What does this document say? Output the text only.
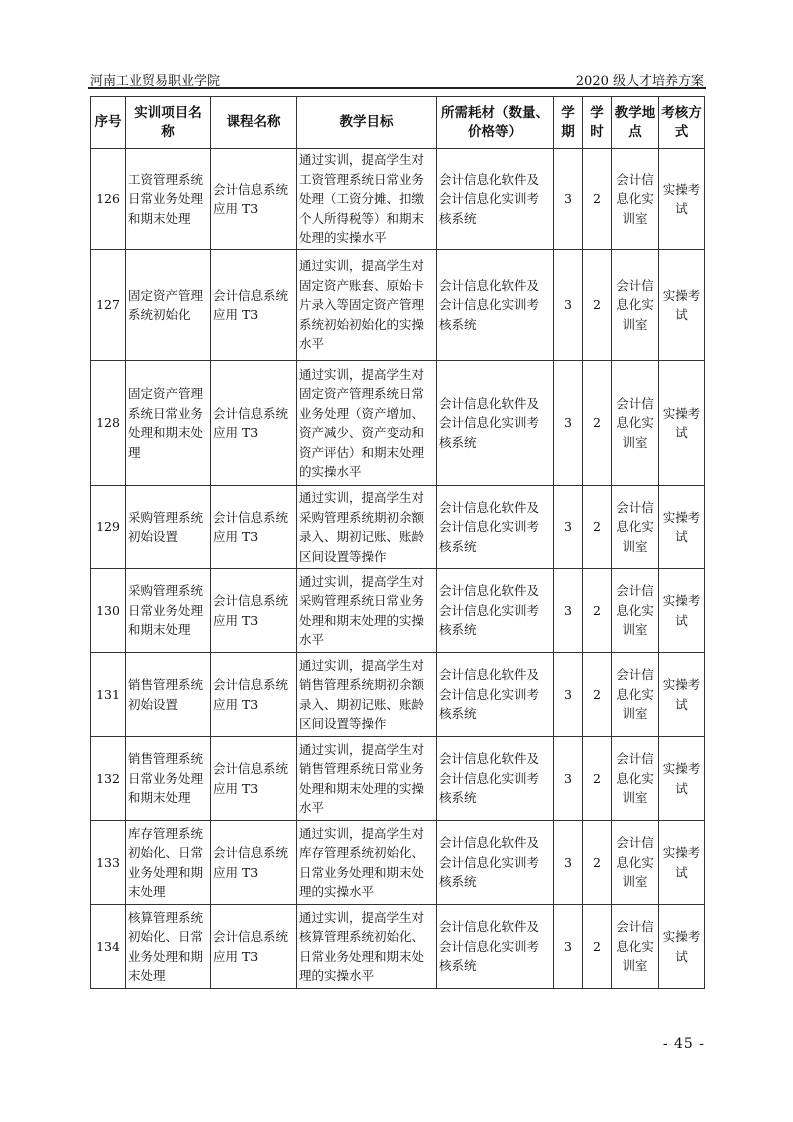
河南工业贸易职业学院	2020 级人才培养方案
序号	实训项目名称	课程名称	教学目标	所需耗材（数量、价格等）	学期	学时	教学地点	考核方式
126	工资管理系统日常业务处理和期末处理	会计信息系统应用 T3	通过实训，提高学生对工资管理系统日常业务处理（工资分摊、扣缴个人所得税等）和期末处理的实操水平	会计信息化软件及会计信息化实训考核系统	3	2	会计信息化实训室	实操考试
127	固定资产管理系统初始化	会计信息系统应用 T3	通过实训，提高学生对固定资产账套、原始卡片录入等固定资产管理系统初始初始化的实操水平	会计信息化软件及会计信息化实训考核系统	3	2	会计信息化实训室	实操考试
128	固定资产管理系统日常业务处理和期末处理	会计信息系统应用 T3	通过实训，提高学生对固定资产管理系统日常业务处理（资产增加、资产减少、资产变动和资产评估）和期末处理的实操水平	会计信息化软件及会计信息化实训考核系统	3	2	会计信息化实训室	实操考试
129	采购管理系统初始设置	会计信息系统应用 T3	通过实训，提高学生对采购管理系统期初余额录入、期初记账、账龄区间设置等操作	会计信息化软件及会计信息化实训考核系统	3	2	会计信息化实训室	实操考试
130	采购管理系统日常业务处理和期末处理	会计信息系统应用 T3	通过实训，提高学生对采购管理系统日常业务处理和期末处理的实操水平	会计信息化软件及会计信息化实训考核系统	3	2	会计信息化实训室	实操考试
131	销售管理系统初始设置	会计信息系统应用 T3	通过实训，提高学生对销售管理系统期初余额录入、期初记账、账龄区间设置等操作	会计信息化软件及会计信息化实训考核系统	3	2	会计信息化实训室	实操考试
132	销售管理系统日常业务处理和期末处理	会计信息系统应用 T3	通过实训，提高学生对销售管理系统日常业务处理和期末处理的实操水平	会计信息化软件及会计信息化实训考核系统	3	2	会计信息化实训室	实操考试
133	库存管理系统初始化、日常业务处理和期末处理	会计信息系统应用 T3	通过实训，提高学生对库存管理系统初始化、日常业务处理和期末处理的实操水平	会计信息化软件及会计信息化实训考核系统	3	2	会计信息化实训室	实操考试
134	核算管理系统初始化、日常业务处理和期末处理	会计信息系统应用 T3	通过实训，提高学生对核算管理系统初始化、日常业务处理和期末处理的实操水平	会计信息化软件及会计信息化实训考核系统	3	2	会计信息化实训室	实操考试
- 45 -
